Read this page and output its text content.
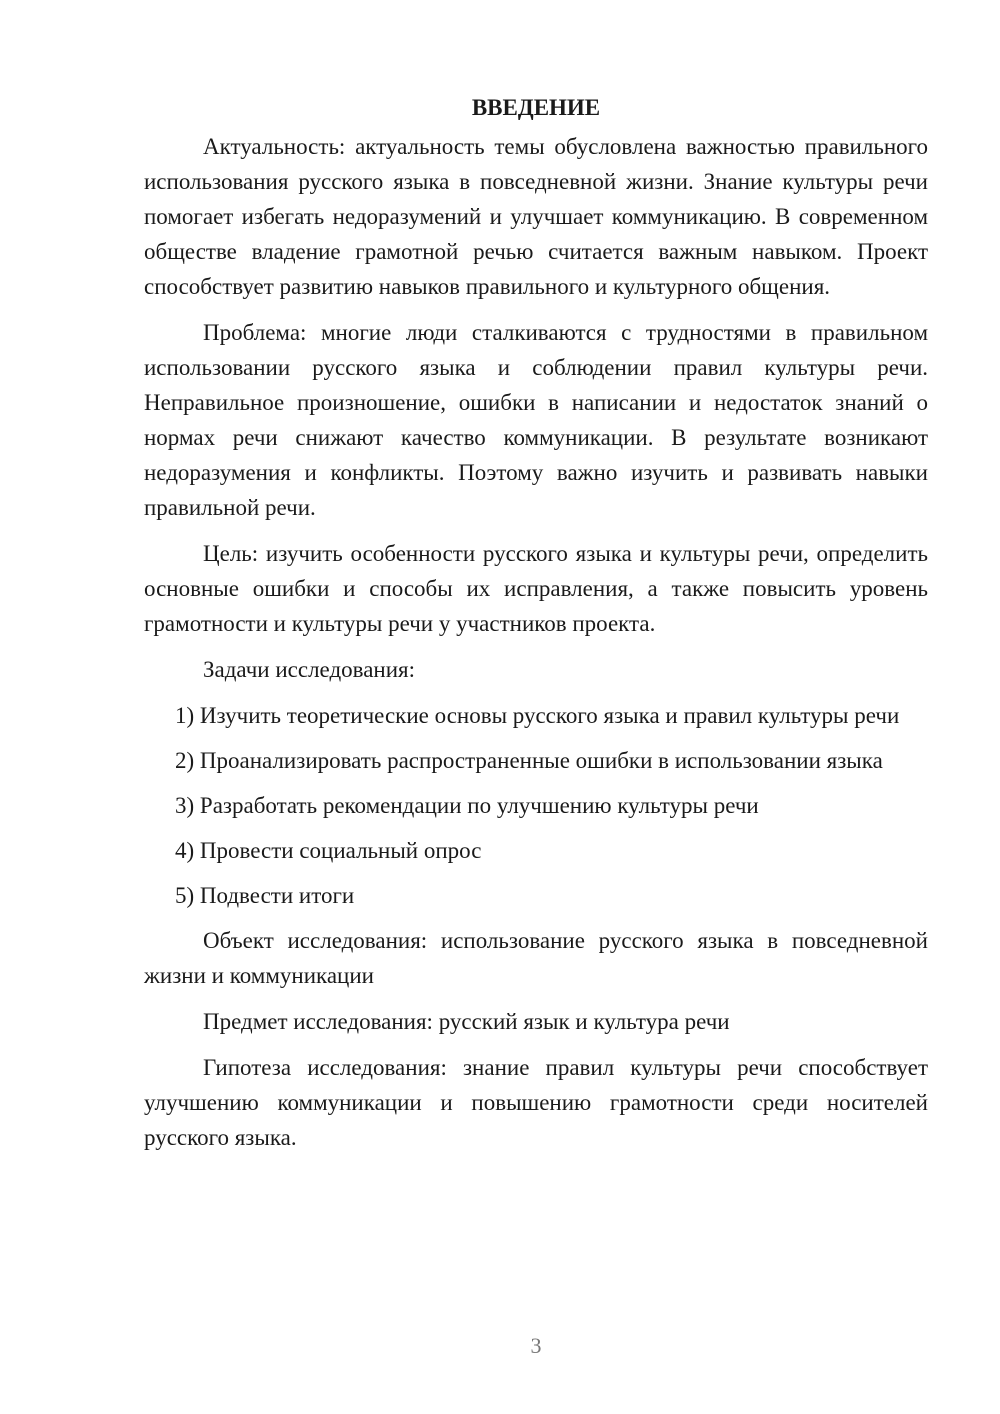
ВВЕДЕНИЕ

Актуальность: актуальность темы обусловлена важностью правильного использования русского языка в повседневной жизни. Знание культуры речи помогает избегать недоразумений и улучшает коммуникацию. В современном обществе владение грамотной речью считается важным навыком. Проект способствует развитию навыков правильного и культурного общения.

Проблема: многие люди сталкиваются с трудностями в правильном использовании русского языка и соблюдении правил культуры речи. Неправильное произношение, ошибки в написании и недостаток знаний о нормах речи снижают качество коммуникации. В результате возникают недоразумения и конфликты. Поэтому важно изучить и развивать навыки правильной речи.

Цель: изучить особенности русского языка и культуры речи, определить основные ошибки и способы их исправления, а также повысить уровень грамотности и культуры речи у участников проекта.

Задачи исследования:

1) Изучить теоретические основы русского языка и правил культуры речи

2) Проанализировать распространенные ошибки в использовании языка

3) Разработать рекомендации по улучшению культуры речи

4) Провести социальный опрос

5) Подвести итоги

Объект исследования: использование русского языка в повседневной жизни и коммуникации

Предмет исследования: русский язык и культура речи

Гипотеза исследования: знание правил культуры речи способствует улучшению коммуникации и повышению грамотности среди носителей русского языка.

3
